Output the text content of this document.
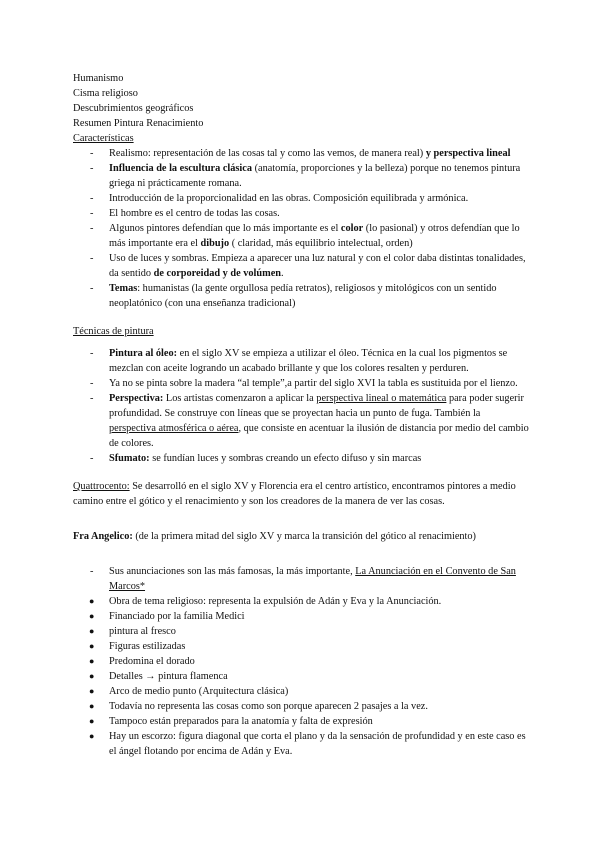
Humanismo
Cisma religioso
Descubrimientos geográficos
Resumen Pintura Renacimiento
Características
- Realismo: representación de las cosas tal y como las vemos, de manera real) y perspectiva lineal
- Influencia de la escultura clásica (anatomía, proporciones y la belleza) porque no tenemos pintura griega ni prácticamente romana.
- Introducción de la proporcionalidad en las obras. Composición equilibrada y armónica.
- El hombre es el centro de todas las cosas.
- Algunos pintores defendían que lo más importante es el color (lo pasional) y otros defendían que lo más importante era el dibujo ( claridad, más equilibrio intelectual, orden)
- Uso de luces y sombras. Empieza a aparecer una luz natural y con el color daba distintas tonalidades, da sentido de corporeidad y de volúmen.
- Temas: humanistas (la gente orgullosa pedía retratos), religiosos y mitológicos con un sentido neoplatónico (con una enseñanza tradicional)
Técnicas de pintura
- Pintura al óleo: en el siglo XV se empieza a utilizar el óleo. Técnica en la cual los pigmentos se mezclan con aceite logrando un acabado brillante y que los colores resalten y perduren.
- Ya no se pinta sobre la madera “al temple”,a partir del siglo XVI la tabla es sustituida por el lienzo.
- Perspectiva: Los artistas comenzaron a aplicar la perspectiva lineal o matemática para poder sugerir profundidad. Se construye con líneas que se proyectan hacia un punto de fuga. También la perspectiva atmosférica o aérea, que consiste en acentuar la ilusión de distancia por medio del cambio de colores.
- Sfumato: se fundían luces y sombras creando un efecto difuso y sin marcas
Quattrocento: Se desarrolló en el siglo XV y Florencia era el centro artístico, encontramos pintores a medio camino entre el gótico y el renacimiento y son los creadores de la manera de ver las cosas.
Fra Angelico: (de la primera mitad del siglo XV y marca la transición del gótico al renacimiento)
- Sus anunciaciones son las más famosas, la más importante, La Anunciación en el Convento de San Marcos*
● Obra de tema religioso: representa la expulsión de Adán y Eva y la Anunciación.
● Financiado por la familia Medici
● pintura al fresco
● Figuras estilizadas
● Predomina el dorado
● Detalles → pintura flamenca
● Arco de medio punto (Arquitectura clásica)
● Todavía no representa las cosas como son porque aparecen 2 pasajes a la vez.
● Tampoco están preparados para la anatomía y falta de expresión
● Hay un escorzo: figura diagonal que corta el plano y da la sensación de profundidad y en este caso es el ángel flotando por encima de Adán y Eva.
